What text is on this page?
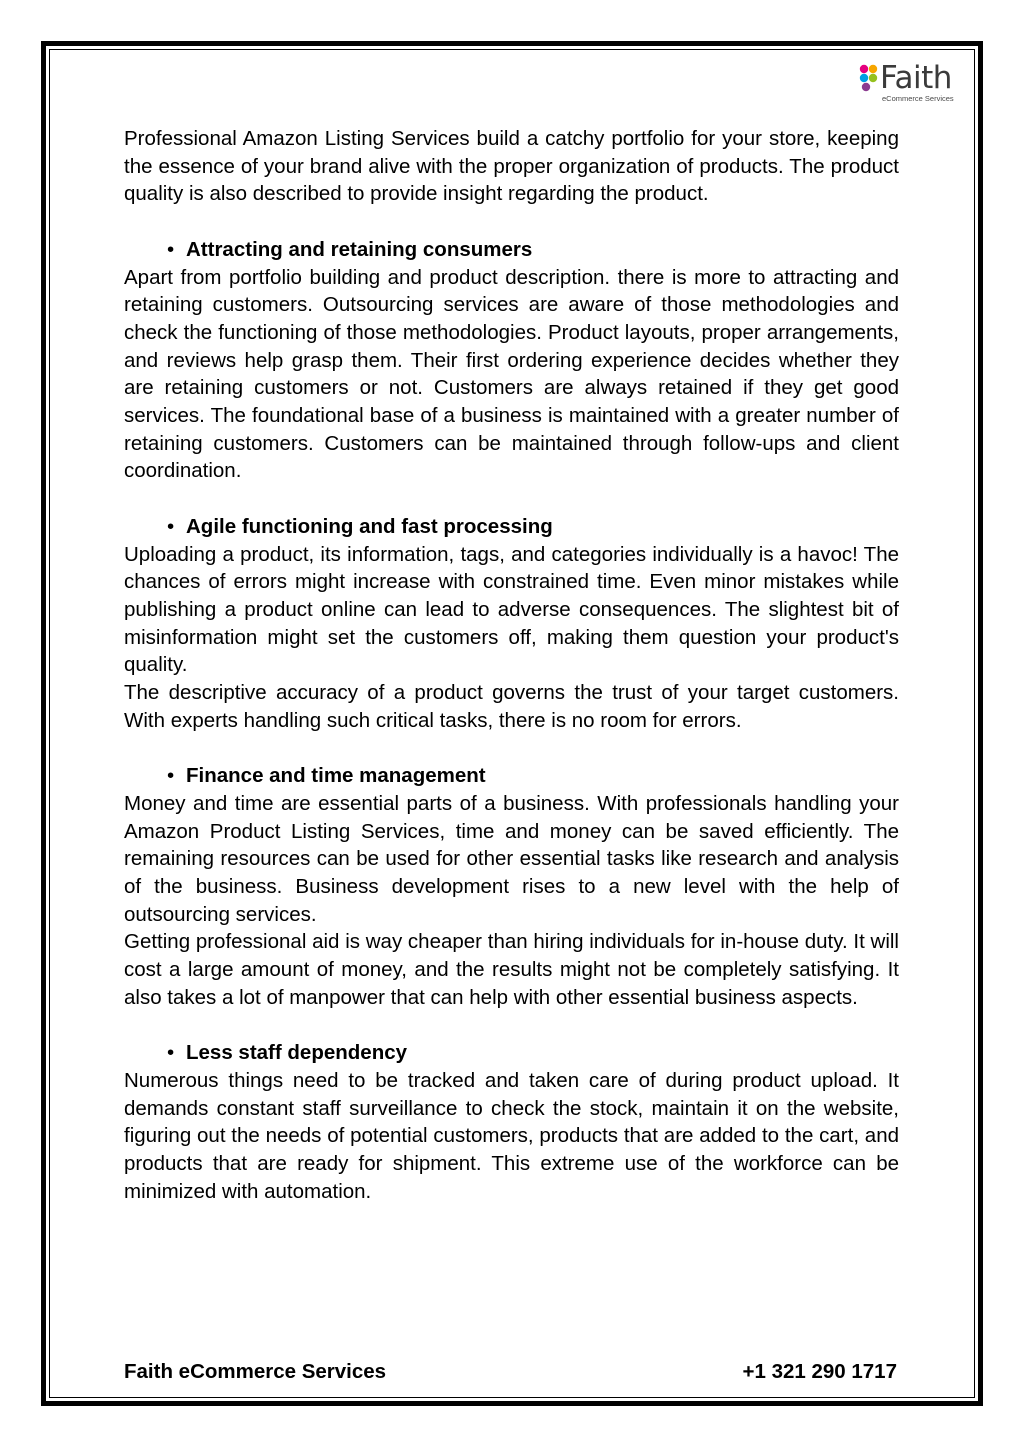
Faith
eCommerce Services

Professional Amazon Listing Services build a catchy portfolio for your store, keeping the essence of your brand alive with the proper organization of products. The product quality is also described to provide insight regarding the product.

• Attracting and retaining consumers

Apart from portfolio building and product description. there is more to attracting and retaining customers. Outsourcing services are aware of those methodologies and check the functioning of those methodologies. Product layouts, proper arrangements, and reviews help grasp them. Their first ordering experience decides whether they are retaining customers or not. Customers are always retained if they get good services. The foundational base of a business is maintained with a greater number of retaining customers. Customers can be maintained through follow-ups and client coordination.

• Agile functioning and fast processing

Uploading a product, its information, tags, and categories individually is a havoc! The chances of errors might increase with constrained time. Even minor mistakes while publishing a product online can lead to adverse consequences. The slightest bit of misinformation might set the customers off, making them question your product's quality.

The descriptive accuracy of a product governs the trust of your target customers. With experts handling such critical tasks, there is no room for errors.

• Finance and time management

Money and time are essential parts of a business. With professionals handling your Amazon Product Listing Services, time and money can be saved efficiently. The remaining resources can be used for other essential tasks like research and analysis of the business. Business development rises to a new level with the help of outsourcing services.

Getting professional aid is way cheaper than hiring individuals for in-house duty. It will cost a large amount of money, and the results might not be completely satisfying. It also takes a lot of manpower that can help with other essential business aspects.

• Less staff dependency

Numerous things need to be tracked and taken care of during product upload. It demands constant staff surveillance to check the stock, maintain it on the website, figuring out the needs of potential customers, products that are added to the cart, and products that are ready for shipment. This extreme use of the workforce can be minimized with automation.

Faith eCommerce Services	+1 321 290 1717
